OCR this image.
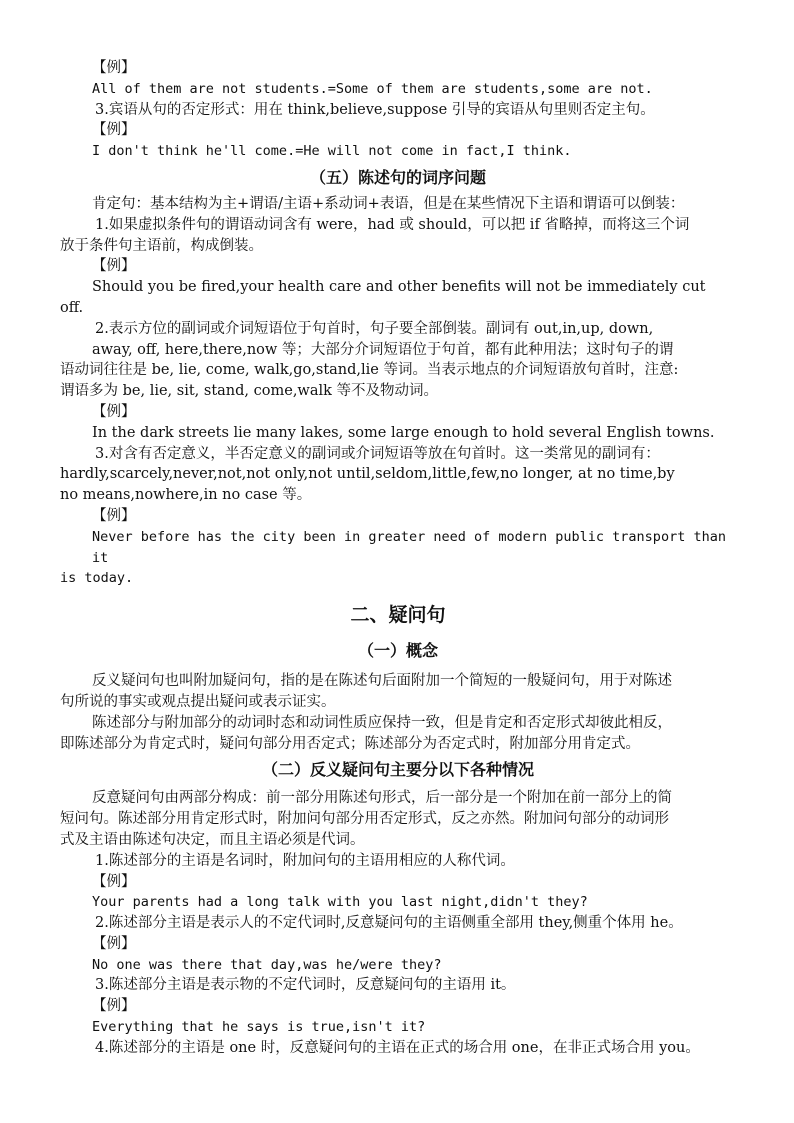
【例】

All of them are not students.=Some of them are students,some are not.

3.宾语从句的否定形式：用在 think,believe,suppose 引导的宾语从句里则否定主句。

【例】

I don't think he'll come.=He will not come in fact,I think.

（五）陈述句的词序问题

肯定句：基本结构为主+谓语/主语+系动词+表语，但是在某些情况下主语和谓语可以倒装：

1.如果虚拟条件句的谓语动词含有 were，had 或 should，可以把 if 省略掉，而将这三个词

放于条件句主语前，构成倒装。

【例】

Should you be fired,your health care and other benefits will not be immediately cut

off.

2.表示方位的副词或介词短语位于句首时，句子要全部倒装。副词有 out,in,up, down,

away, off, here,there,now 等；大部分介词短语位于句首，都有此种用法；这时句子的谓

语动词往往是 be, lie, come, walk,go,stand,lie 等词。当表示地点的介词短语放句首时，注意:

谓语多为 be, lie, sit, stand, come,walk 等不及物动词。

【例】

In the dark streets lie many lakes, some large enough to hold several English towns.

3.对含有否定意义，半否定意义的副词或介词短语等放在句首时。这一类常见的副词有：

hardly,scarcely,never,not,not only,not until,seldom,little,few,no longer, at no time,by

no means,nowhere,in no case 等。

【例】

Never before has the city been in greater need of modern public transport than it

is today.

二、疑问句

（一）概念

反义疑问句也叫附加疑问句，指的是在陈述句后面附加一个简短的一般疑问句，用于对陈述

句所说的事实或观点提出疑问或表示证实。

陈述部分与附加部分的动词时态和动词性质应保持一致，但是肯定和否定形式却彼此相反，

即陈述部分为肯定式时，疑问句部分用否定式；陈述部分为否定式时，附加部分用肯定式。

（二）反义疑问句主要分以下各种情况

反意疑问句由两部分构成：前一部分用陈述句形式，后一部分是一个附加在前一部分上的简

短问句。陈述部分用肯定形式时，附加问句部分用否定形式，反之亦然。附加问句部分的动词形

式及主语由陈述句决定，而且主语必须是代词。

1.陈述部分的主语是名词时，附加问句的主语用相应的人称代词。

【例】

Your parents had a long talk with you last night,didn't they?

2.陈述部分主语是表示人的不定代词时,反意疑问句的主语侧重全部用 they,侧重个体用 he。

【例】

No one was there that day,was he/were they?

3.陈述部分主语是表示物的不定代词时，反意疑问句的主语用 it。

【例】

Everything that he says is true,isn't it?

4.陈述部分的主语是 one 时，反意疑问句的主语在正式的场合用 one，在非正式场合用 you。
